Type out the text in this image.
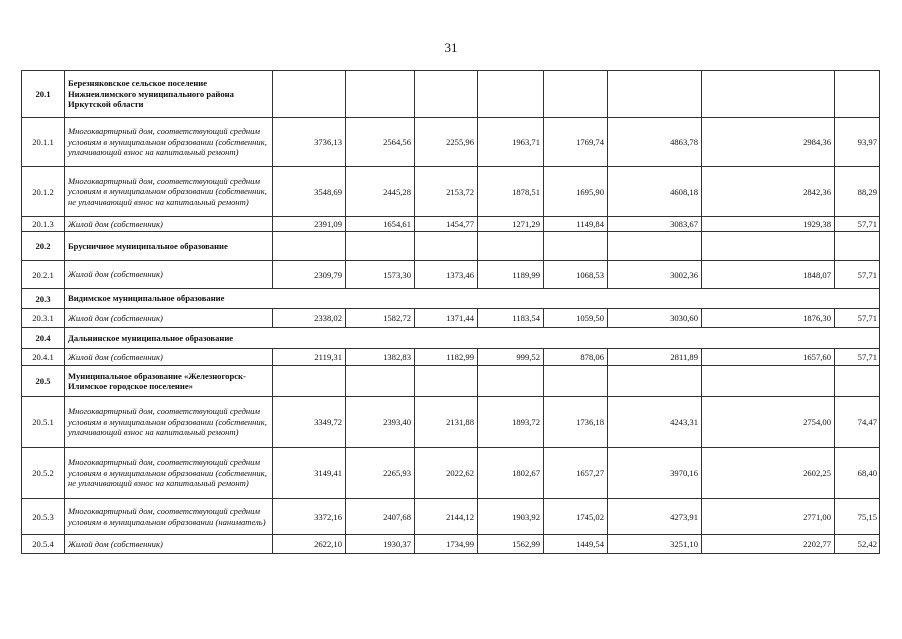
31
20.1	Березняковское сельское поселение Нижнеилимского муниципального района Иркутской области								
20.1.1	Многоквартирный дом, соответствующий средним условиям в муниципальном образовании (собственник, уплачивающий взнос на капитальный ремонт)	3736,13	2564,56	2255,96	1963,71	1769,74	4863,78	2984,36	93,97
20.1.2	Многоквартирный дом, соответствующий средним условиям в муниципальном образовании (собственник, не уплачивающий взнос на капитальный ремонт)	3548,69	2445,28	2153,72	1878,51	1695,90	4608,18	2842,36	88,29
20.1.3	Жилой дом (собственник)	2391,09	1654,61	1454,77	1271,29	1149,84	3083,67	1929,38	57,71
20.2	Брусничное муниципальное образование								
20.2.1	Жилой дом (собственник)	2309,79	1573,30	1373,46	1189,99	1068,53	3002,36	1848,07	57,71
20.3	Видимское муниципальное образование								
20.3.1	Жилой дом (собственник)	2338,02	1582,72	1371,44	1183,54	1059,50	3030,60	1876,30	57,71
20.4	Дальнинское муниципальное образование								
20.4.1	Жилой дом (собственник)	2119,31	1382,83	1182,99	999,52	878,06	2811,89	1657,60	57,71
20.5	Муниципальное образование «Железногорск-Илимское городское поселение»								
20.5.1	Многоквартирный дом, соответствующий средним условиям в муниципальном образовании (собственник, уплачивающий взнос на капитальный ремонт)	3349,72	2393,40	2131,88	1893,72	1736,18	4243,31	2754,00	74,47
20.5.2	Многоквартирный дом, соответствующий средним условиям в муниципальном образовании (собственник, не уплачивающий взнос на капитальный ремонт)	3149,41	2265,93	2022,62	1802,67	1657,27	3970,16	2602,25	68,40
20.5.3	Многоквартирный дом, соответствующий средним условиям в муниципальном образовании (наниматель)	3372,16	2407,68	2144,12	1903,92	1745,02	4273,91	2771,00	75,15
20.5.4	Жилой дом (собственник)	2622,10	1930,37	1734,99	1562,99	1449,54	3251,10	2202,77	52,42
